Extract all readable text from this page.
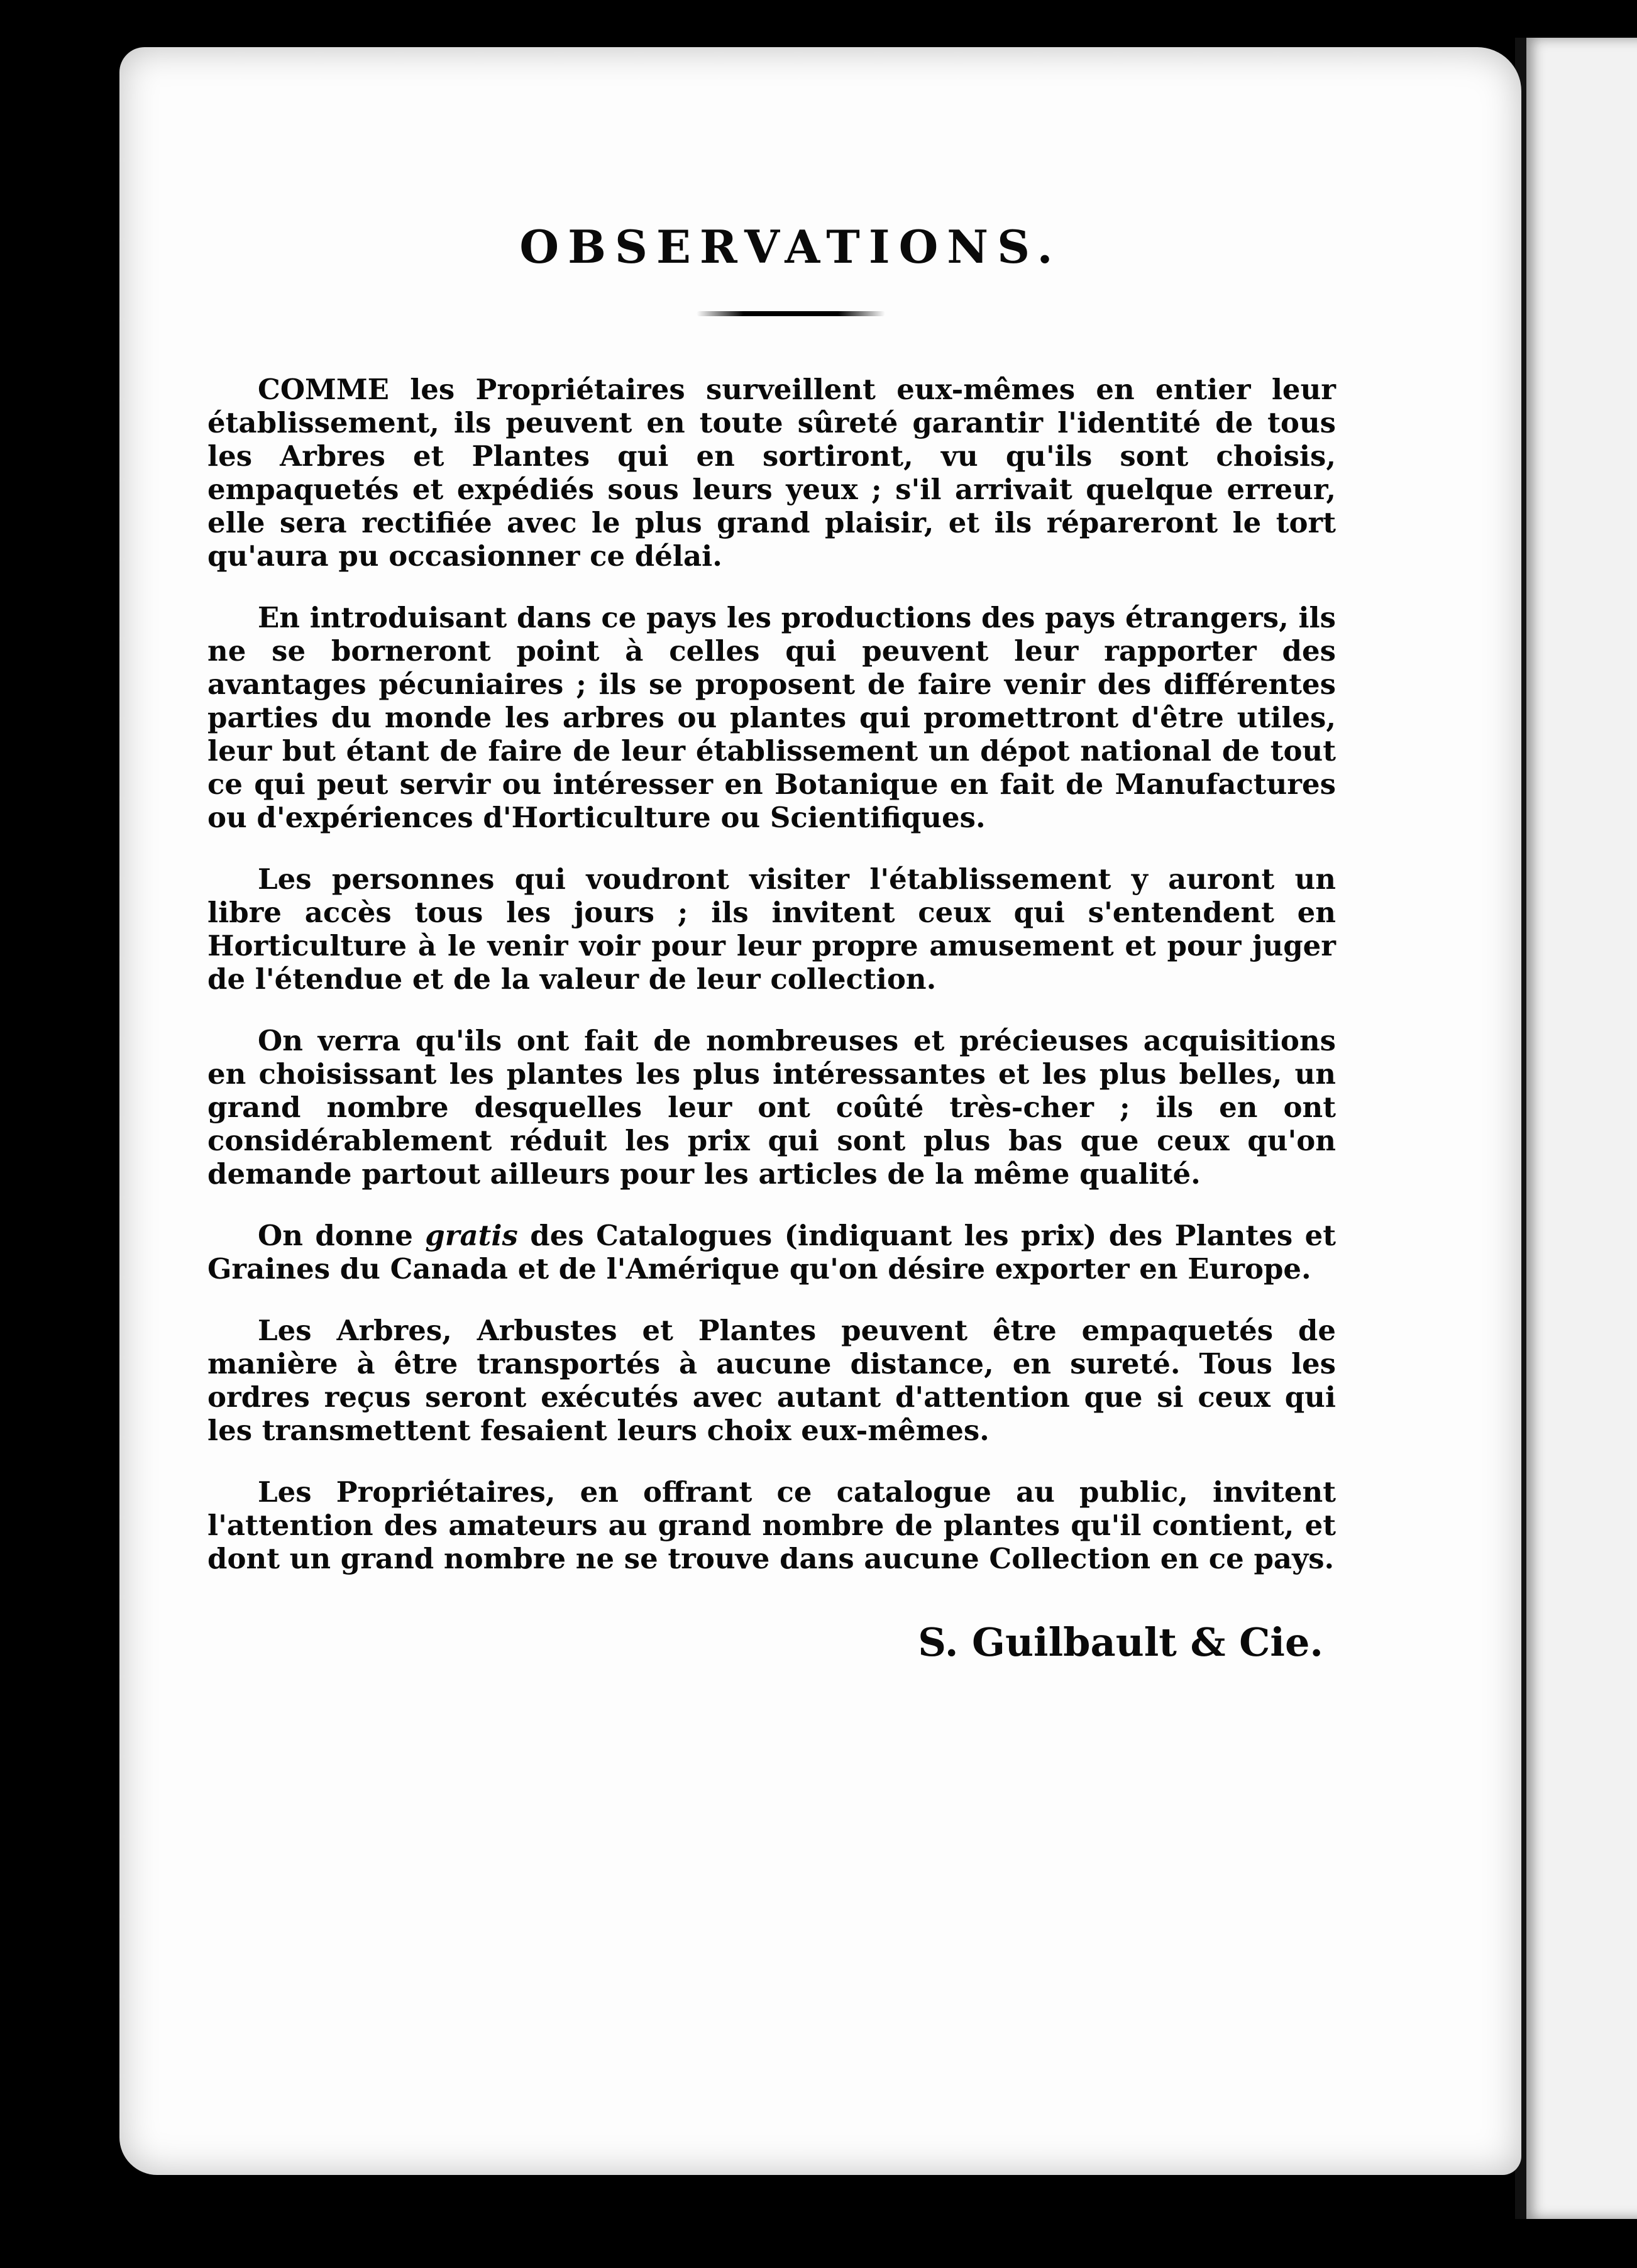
OBSERVATIONS.

COMME les Propriétaires surveillent eux-mêmes en entier leur établissement, ils peuvent en toute sûreté garantir l'identité de tous les Arbres et Plantes qui en sortiront, vu qu'ils sont choisis, empaquetés et expédiés sous leurs yeux ; s'il arrivait quelque erreur, elle sera rectifiée avec le plus grand plaisir, et ils répareront le tort qu'aura pu occasionner ce délai.

En introduisant dans ce pays les productions des pays étrangers, ils ne se borneront point à celles qui peuvent leur rapporter des avantages pécuniaires ; ils se proposent de faire venir des différentes parties du monde les arbres ou plantes qui promettront d'être utiles, leur but étant de faire de leur établissement un dépot national de tout ce qui peut servir ou intéresser en Botanique en fait de Manufactures ou d'expériences d'Horticulture ou Scientifiques.

Les personnes qui voudront visiter l'établissement y auront un libre accès tous les jours ; ils invitent ceux qui s'entendent en Horticulture à le venir voir pour leur propre amusement et pour juger de l'étendue et de la valeur de leur collection.

On verra qu'ils ont fait de nombreuses et précieuses acquisitions en choisissant les plantes les plus intéressantes et les plus belles, un grand nombre desquelles leur ont coûté très-cher ; ils en ont considérablement réduit les prix qui sont plus bas que ceux qu'on demande partout ailleurs pour les articles de la même qualité.

On donne gratis des Catalogues (indiquant les prix) des Plantes et Graines du Canada et de l'Amérique qu'on désire exporter en Europe.

Les Arbres, Arbustes et Plantes peuvent être empaquetés de manière à être transportés à aucune distance, en sureté. Tous les ordres reçus seront exécutés avec autant d'attention que si ceux qui les transmettent fesaient leurs choix eux-mêmes.

Les Propriétaires, en offrant ce catalogue au public, invitent l'attention des amateurs au grand nombre de plantes qu'il contient, et dont un grand nombre ne se trouve dans aucune Collection en ce pays.

S. Guilbault & Cie.
